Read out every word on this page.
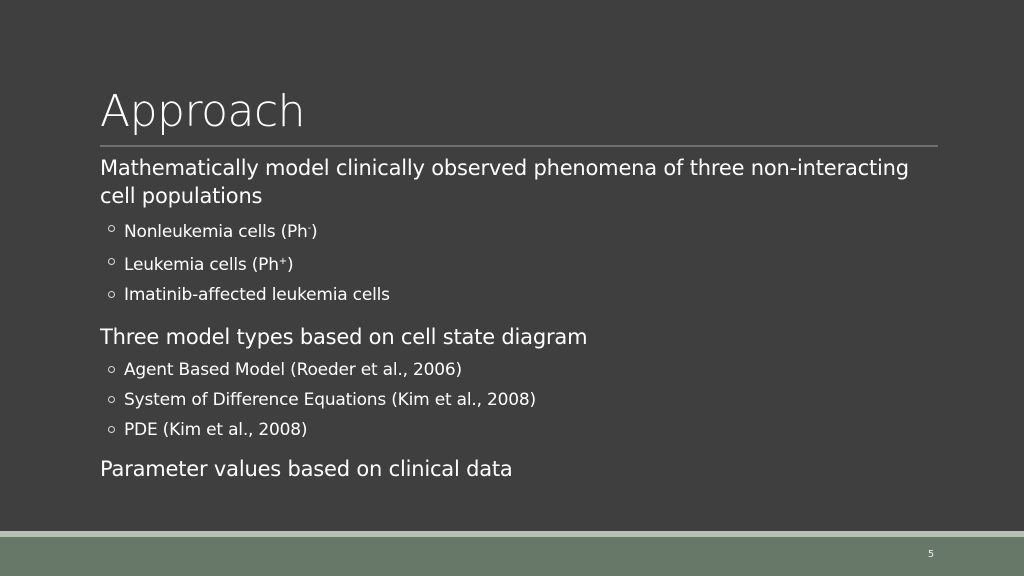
Approach
Mathematically model clinically observed phenomena of three non-interacting cell populations
Nonleukemia cells (Ph-)
Leukemia cells (Ph+)
Imatinib-affected leukemia cells
Three model types based on cell state diagram
Agent Based Model (Roeder et al., 2006)
System of Difference Equations (Kim et al., 2008)
PDE (Kim et al., 2008)
Parameter values based on clinical data
5
